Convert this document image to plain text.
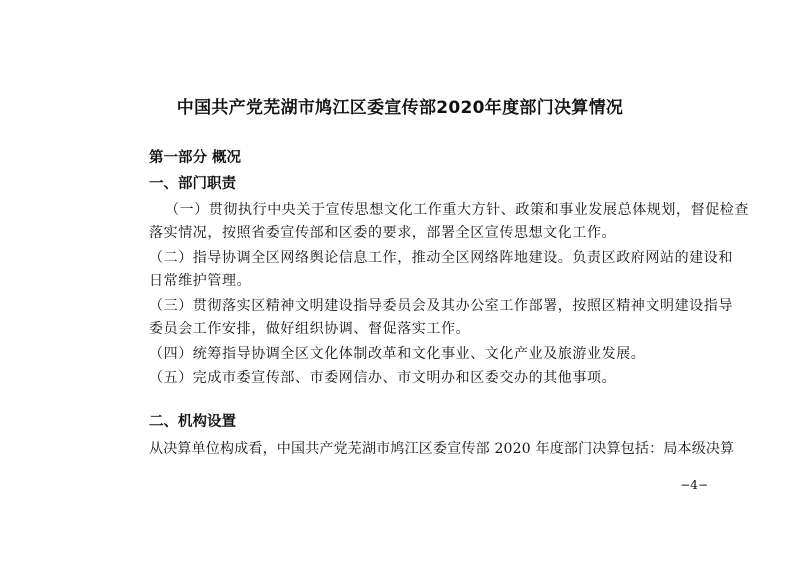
中国共产党芜湖市鸠江区委宣传部2020年度部门决算情况
第一部分 概况
一、部门职责
（一）贯彻执行中央关于宣传思想文化工作重大方针、政策和事业发展总体规划，督促检查
落实情况，按照省委宣传部和区委的要求，部署全区宣传思想文化工作。
（二）指导协调全区网络舆论信息工作，推动全区网络阵地建设。负责区政府网站的建设和
日常维护管理。
（三）贯彻落实区精神文明建设指导委员会及其办公室工作部署，按照区精神文明建设指导
委员会工作安排，做好组织协调、督促落实工作。
（四）统筹指导协调全区文化体制改革和文化事业、文化产业及旅游业发展。
（五）完成市委宣传部、市委网信办、市文明办和区委交办的其他事项。
二、机构设置
从决算单位构成看，中国共产党芜湖市鸠江区委宣传部 2020 年度部门决算包括：局本级决算
−4−
